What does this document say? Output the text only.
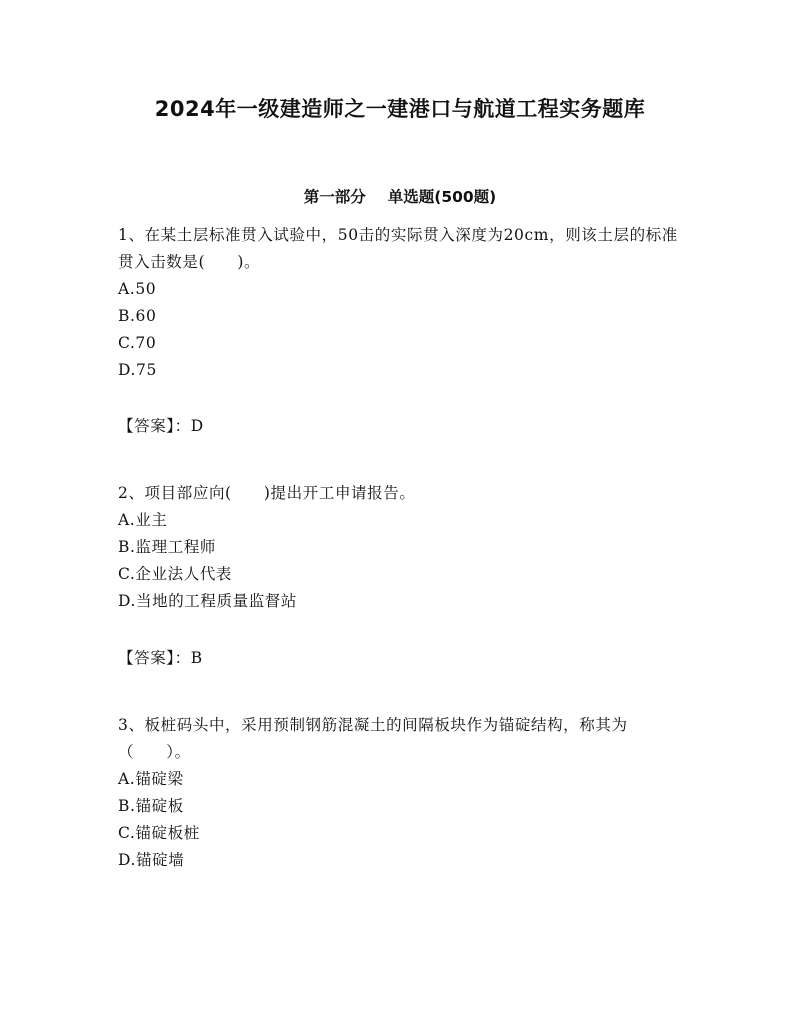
2024年一级建造师之一建港口与航道工程实务题库
第一部分 单选题(500题)

1、在某土层标准贯入试验中，50击的实际贯入深度为20cm，则该土层的标准贯入击数是(　　)。

A.50

B.60

C.70

D.75

【答案】：D

2、项目部应向(　　)提出开工申请报告。

A.业主

B.监理工程师

C.企业法人代表

D.当地的工程质量监督站

【答案】：B

3、板桩码头中，采用预制钢筋混凝土的间隔板块作为锚碇结构，称其为（　　）。

A.锚碇梁

B.锚碇板

C.锚碇板桩

D.锚碇墙
